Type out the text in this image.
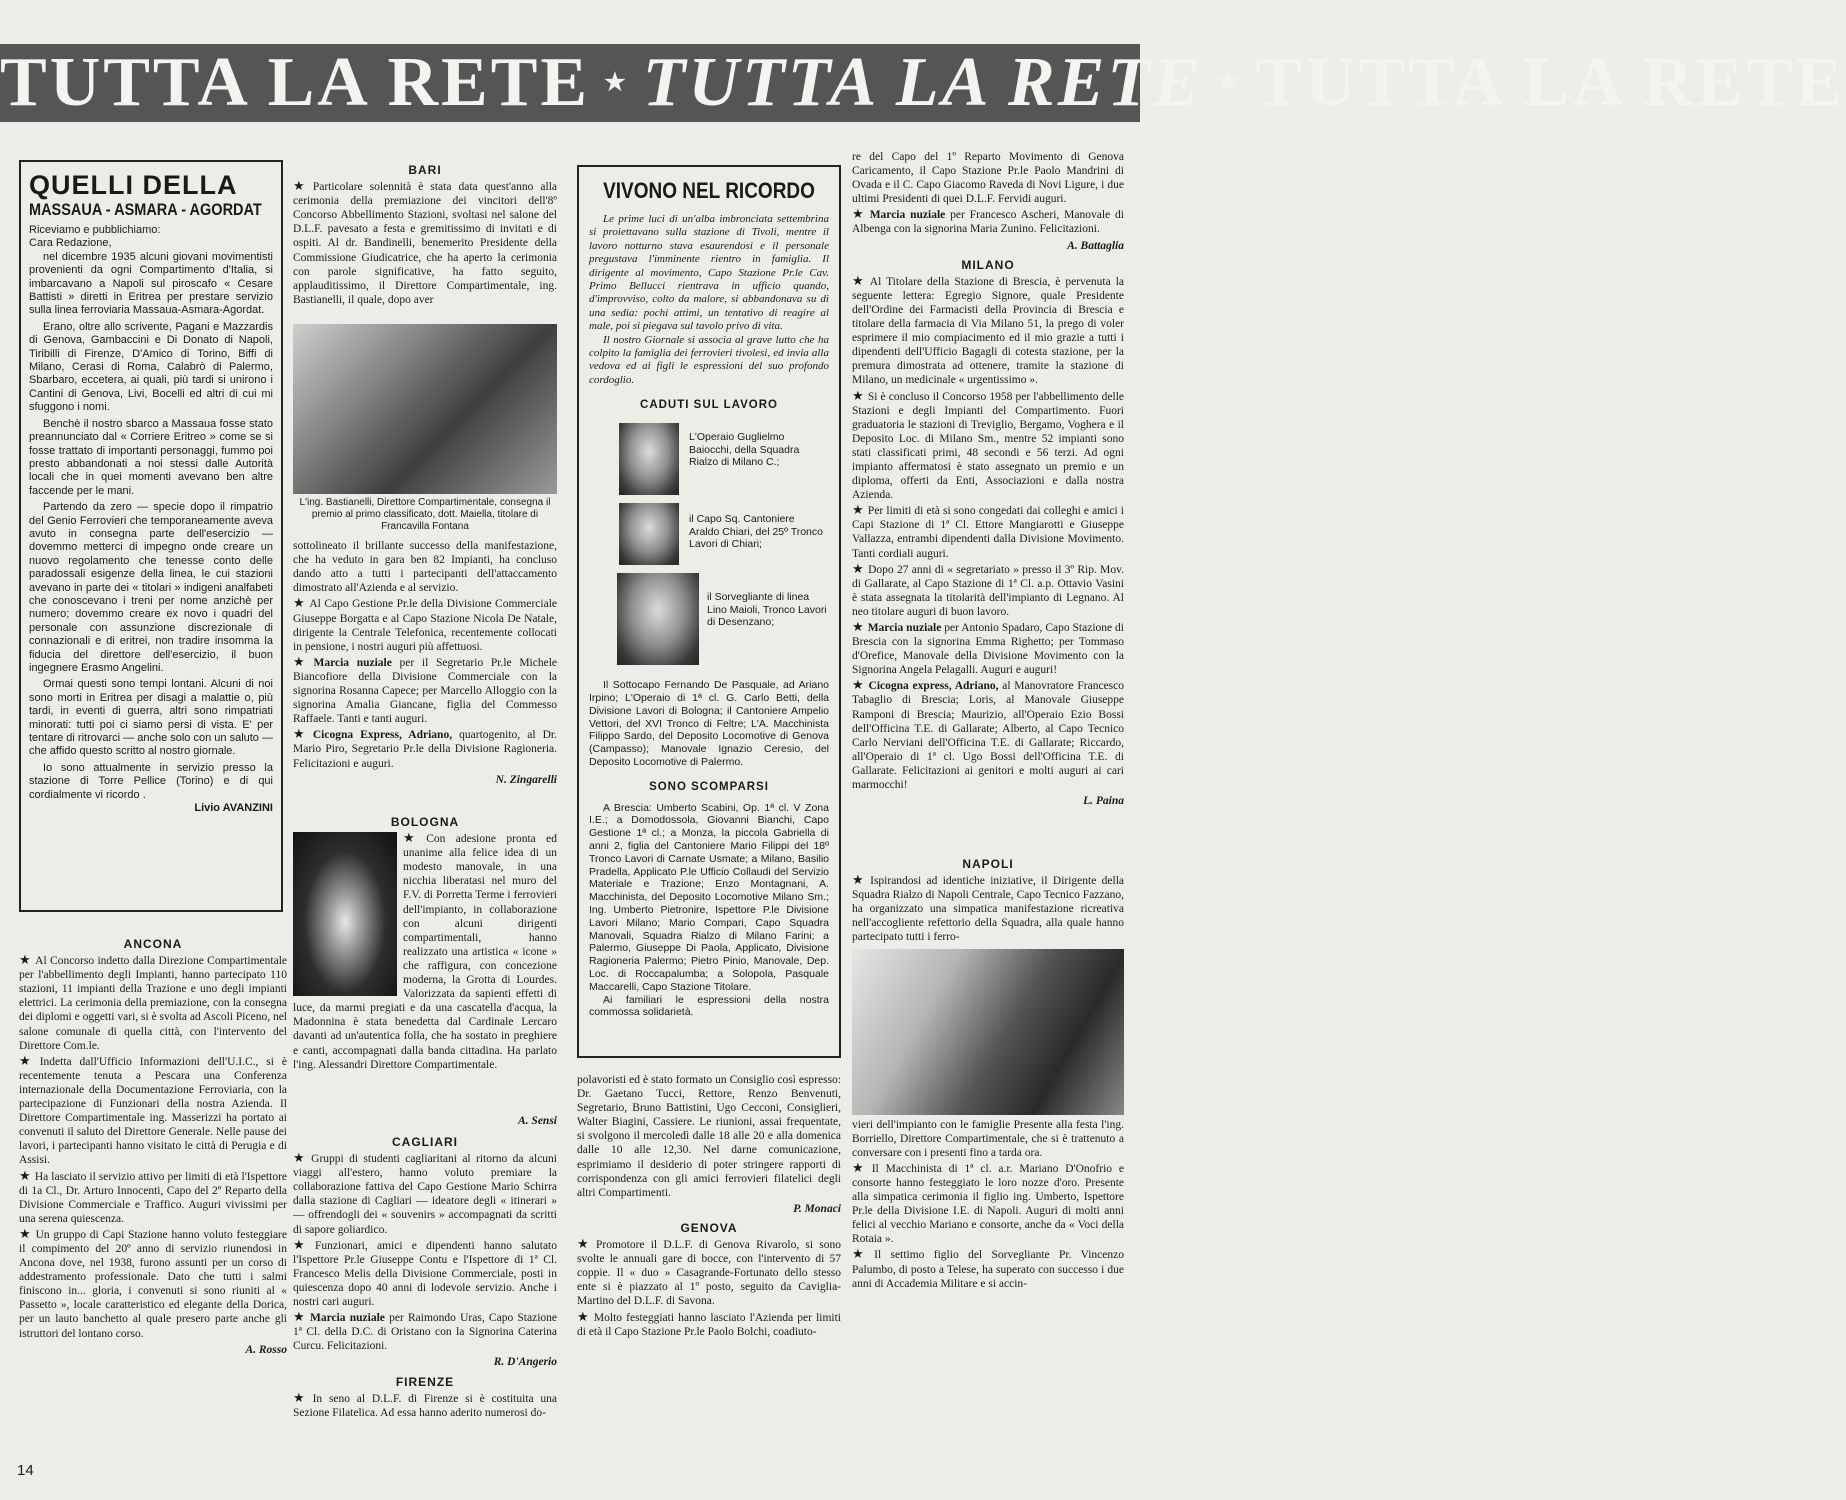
TUTTA LA RETE ★ TUTTA LA RETE ★ TUTTA LA RETE
QUELLI DELLA
MASSAUA - ASMARA - AGORDAT

Riceviamo e pubblichiamo:

Cara Redazione,

nel dicembre 1935 alcuni giovani movimentisti provenienti da ogni Compartimento d'Italia, si imbarcavano a Napoli sul piroscafo « Cesare Battisti » diretti in Eritrea per prestare servizio sulla linea ferroviaria Massaua-Asmara-Agordat.

Erano, oltre allo scrivente, Pagani e Mazzardis di Genova, Gambaccini e Di Donato di Napoli, Tiribilli di Firenze, D'Amico di Torino, Biffi di Milano, Cerasi di Roma, Calabrò di Palermo, Sbarbaro, eccetera, ai quali, più tardi si unirono i Cantini di Genova, Livi, Bocelli ed altri di cui mi sfuggono i nomi.

Benchè il nostro sbarco a Massaua fosse stato preannunciato dal « Corriere Eritreo » come se si fosse trattato di importanti personaggi, fummo poi presto abbandonati a noi stessi dalle Autorità locali che in quei momenti avevano ben altre faccende per le mani.

Partendo da zero — specie dopo il rimpatrio del Genio Ferrovieri che temporaneamente aveva avuto in consegna parte dell'esercizio — dovemmo metterci di impegno onde creare un nuovo regolamento che tenesse conto delle paradossali esigenze della linea, le cui stazioni avevano in parte dei « titolari » indigeni analfabeti che conoscevano i treni per nome anzichè per numero; dovemmo creare ex novo i quadri del personale con assunzione discrezionale di connazionali e di eritrei, non tradire insomma la fiducia del direttore dell'esercizio, il buon ingegnere Erasmo Angelini.

Ormai questi sono tempi lontani. Alcuni di noi sono morti in Eritrea per disagi a malattie o, più tardi, in eventi di guerra, altri sono rimpatriati minorati: tutti poi ci siamo persi di vista. E' per tentare di ritrovarci — anche solo con un saluto — che affido questo scritto al nostro giornale.

Io sono attualmente in servizio presso la stazione di Torre Pellice (Torino) e di qui cordialmente vi ricordo .

Livio AVANZINI

ANCONA

★ Al Concorso indetto dalla Direzione Compartimentale per l'abbellimento degli Impianti, hanno partecipato 110 stazioni, 11 impianti della Trazione e uno degli impianti elettrici. La cerimonia della premiazione, con la consegna dei diplomi e oggetti vari, si è svolta ad Ascoli Piceno, nel salone comunale di quella città, con l'intervento del Direttore Com.le.

★ Indetta dall'Ufficio Informazioni dell'U.I.C., si è recentemente tenuta a Pescara una Conferenza internazionale della Documentazione Ferroviaria, con la partecipazione di Funzionari della nostra Azienda. Il Direttore Compartimentale ing. Masserizzi ha portato ai convenuti il saluto del Direttore Generale. Nelle pause dei lavori, i partecipanti hanno visitato le città di Perugia e di Assisi.

★ Ha lasciato il servizio attivo per limiti di età l'Ispettore di 1a Cl., Dr. Arturo Innocenti, Capo del 2º Reparto della Divisione Commerciale e Traffico. Auguri vivissimi per una serena quiescenza.

★ Un gruppo di Capi Stazione hanno voluto festeggiare il compimento del 20º anno di servizio riunendosi in Ancona dove, nel 1938, furono assunti per un corso di addestramento professionale. Dato che tutti i salmi finiscono in... gloria, i convenuti si sono riuniti al « Passetto », locale caratteristico ed elegante della Dorica, per un lauto banchetto al quale presero parte anche gli istruttori del lontano corso.

A. Rosso

BARI

★ Particolare solennità è stata data quest'anno alla cerimonia della premiazione dei vincitori dell'8º Concorso Abbellimento Stazioni, svoltasi nel salone del D.L.F. pavesato a festa e gremitissimo di invitati e di ospiti. Al dr. Bandinelli, benemerito Presidente della Commissione Giudicatrice, che ha aperto la cerimonia con parole significative, ha fatto seguito, applauditissimo, il Direttore Compartimentale, ing. Bastianelli, il quale, dopo aver

L'ing. Bastianelli, Direttore Compartimentale, consegna il premio al primo classificato, dott. Maiella, titolare di Francavilla Fontana

sottolineato il brillante successo della manifestazione, che ha veduto in gara ben 82 Impianti, ha concluso dando atto a tutti i partecipanti dell'attaccamento dimostrato all'Azienda e al servizio.

★ Al Capo Gestione Pr.le della Divisione Commerciale Giuseppe Borgatta e al Capo Stazione Nicola De Natale, dirigente la Centrale Telefonica, recentemente collocati in pensione, i nostri auguri più affettuosi.

★ Marcia nuziale per il Segretario Pr.le Michele Biancofiore della Divisione Commerciale con la signorina Rosanna Capece; per Marcello Alloggio con la signorina Amalia Giancane, figlia del Commesso Raffaele. Tanti e tanti auguri.

★ Cicogna Express, Adriano, quartogenito, al Dr. Mario Piro, Segretario Pr.le della Divisione Ragioneria. Felicitazioni e auguri.

N. Zingarelli

BOLOGNA

★ Con adesione pronta ed unanime alla felice idea di un modesto manovale, in una nicchia liberatasi nel muro del F.V. di Porretta Terme i ferrovieri dell'impianto, in collaborazione con alcuni dirigenti compartimentali, hanno realizzato una artistica « icone » che raffigura, con concezione moderna, la Grotta di Lourdes. Valorizzata da sapienti effetti di luce, da marmi pregiati e da una cascatella d'acqua, la Madonnina è stata benedetta dal Cardinale Lercaro davanti ad un'autentica folla, che ha sostato in preghiere e canti, accompagnati dalla banda cittadina. Ha parlato l'ing. Alessandri Direttore Compartimentale.

A. Sensi

CAGLIARI

★ Gruppi di studenti cagliaritani al ritorno da alcuni viaggi all'estero, hanno voluto premiare la collaborazione fattiva del Capo Gestione Mario Schirra dalla stazione di Cagliari — ideatore degli « itinerari » — offrendogli dei « souvenirs » accompagnati da scritti di sapore goliardico.

★ Funzionari, amici e dipendenti hanno salutato l'Ispettore Pr.le Giuseppe Contu e l'Ispettore di 1ª Cl. Francesco Melis della Divisione Commerciale, posti in quiescenza dopo 40 anni di lodevole servizio. Anche i nostri cari auguri.

★ Marcia nuziale per Raimondo Uras, Capo Stazione 1ª Cl. della D.C. di Oristano con la Signorina Caterina Curcu. Felicitazioni.

R. D'Angerio

FIRENZE

★ In seno al D.L.F. di Firenze si è costituita una Sezione Filatelica. Ad essa hanno aderito numerosi do-

VIVONO NEL RICORDO

Le prime luci di un'alba imbronciata settembrina si proiettavano sulla stazione di Tivoli, mentre il lavoro notturno stava esaurendosi e il personale pregustava l'imminente rientro in famiglia. Il dirigente al movimento, Capo Stazione Pr.le Cav. Primo Bellucci rientrava in ufficio quando, d'improvviso, colto da malore, si abbandonava su di una sedia: pochi attimi, un tentativo di reagire al male, poi si piegava sul tavolo privo di vita.

Il nostro Giornale si associa al grave lutto che ha colpito la famiglia dei ferrovieri tivolesi, ed invia alla vedova ed ai figli le espressioni del suo profondo cordoglio.

CADUTI SUL LAVORO
L'Operaio Guglielmo Baiocchi, della Squadra Rialzo di Milano C.;
il Capo Sq. Cantoniere Araldo Chiari, del 25º Tronco Lavori di Chiari;
il Sorvegliante di linea Lino Maioli, Tronco Lavori di Desenzano;

Il Sottocapo Fernando De Pasquale, ad Ariano Irpino; L'Operaio di 1ª cl. G. Carlo Betti, della Divisione Lavori di Bologna; il Cantoniere Ampelio Vettori, del XVI Tronco di Feltre; L'A. Macchinista Filippo Sardo, del Deposito Locomotive di Genova (Campasso); Manovale Ignazio Ceresio, del Deposito Locomotive di Palermo.

SONO SCOMPARSI

A Brescia: Umberto Scabini, Op. 1ª cl. V Zona I.E.; a Domodossola, Giovanni Bianchi, Capo Gestione 1ª cl.; a Monza, la piccola Gabriella di anni 2, figlia del Cantoniere Mario Filippi del 18º Tronco Lavori di Carnate Usmate; a Milano, Basilio Pradella, Applicato P.le Ufficio Collaudi del Servizio Materiale e Trazione; Enzo Montagnani, A. Macchinista, del Deposito Locomotive Milano Sm.; Ing. Umberto Pietronire, Ispettore P.le Divisione Lavori Milano; Mario Compari, Capo Squadra Manovali, Squadra Rialzo di Milano Farini; a Palermo, Giuseppe Di Paola, Applicato, Divisione Ragioneria Palermo; Pietro Pinio, Manovale, Dep. Loc. di Roccapalumba; a Solopola, Pasquale Maccarelli, Capo Stazione Titolare.

Ai familiari le espressioni della nostra commossa solidarietà.

polavoristi ed è stato formato un Consiglio così espresso: Dr. Gaetano Tucci, Rettore, Renzo Benvenuti, Segretario, Bruno Battistini, Ugo Cecconi, Consiglieri, Walter Biagini, Cassiere. Le riunioni, assai frequentate, si svolgono il mercoledì dalle 18 alle 20 e alla domenica dalle 10 alle 12,30. Nel darne comunicazione, esprimiamo il desiderio di poter stringere rapporti di corrispondenza con gli amici ferrovieri filatelici degli altri Compartimenti.

P. Monaci

GENOVA

★ Promotore il D.L.F. di Genova Rivarolo, si sono svolte le annuali gare di bocce, con l'intervento di 57 coppie. Il « duo » Casagrande-Fortunato dello stesso ente si è piazzato al 1º posto, seguito da Caviglia-Martino del D.L.F. di Savona.

★ Molto festeggiati hanno lasciato l'Azienda per limiti di età il Capo Stazione Pr.le Paolo Bolchi, coadiuto-

re del Capo del 1º Reparto Movimento di Genova Caricamento, il Capo Stazione Pr.le Paolo Mandrini di Ovada e il C. Capo Giacomo Raveda di Novi Ligure, i due ultimi Presidenti di quei D.L.F. Fervidi auguri.

★ Marcia nuziale per Francesco Ascheri, Manovale di Albenga con la signorina Maria Zunino. Felicitazioni.

A. Battaglia

MILANO

★ Al Titolare della Stazione di Brescia, è pervenuta la seguente lettera: Egregio Signore, quale Presidente dell'Ordine dei Farmacisti della Provincia di Brescia e titolare della farmacia di Via Milano 51, la prego di voler esprimere il mio compiacimento ed il mio grazie a tutti i dipendenti dell'Ufficio Bagagli di cotesta stazione, per la premura dimostrata ad ottenere, tramite la stazione di Milano, un medicinale « urgentissimo ».

★ Si è concluso il Concorso 1958 per l'abbellimento delle Stazioni e degli Impianti del Compartimento. Fuori graduatoria le stazioni di Treviglio, Bergamo, Voghera e il Deposito Loc. di Milano Sm., mentre 52 impianti sono stati classificati primi, 48 secondi e 56 terzi. Ad ogni impianto affermatosi è stato assegnato un premio e un diploma, offerti da Enti, Associazioni e dalla nostra Azienda.

★ Per limiti di età si sono congedati dai colleghi e amici i Capi Stazione di 1ª Cl. Ettore Mangiarotti e Giuseppe Vallazza, entrambi dipendenti dalla Divisione Movimento. Tanti cordiali auguri.

★ Dopo 27 anni di « segretariato » presso il 3º Rip. Mov. di Gallarate, al Capo Stazione di 1ª Cl. a.p. Ottavio Vasini è stata assegnata la titolarità dell'impianto di Legnano. Al neo titolare auguri di buon lavoro.

★ Marcia nuziale per Antonio Spadaro, Capo Stazione di Brescia con la signorina Emma Righetto; per Tommaso d'Orefice, Manovale della Divisione Movimento con la Signorina Angela Pelagalli. Auguri e auguri!

★ Cicogna express, Adriano, al Manovratore Francesco Tabaglio di Brescia; Loris, al Manovale Giuseppe Ramponi di Brescia; Maurizio, all'Operaio Ezio Bossi dell'Officina T.E. di Gallarate; Alberto, al Capo Tecnico Carlo Nerviani dell'Officina T.E. di Gallarate; Riccardo, all'Operaio di 1ª cl. Ugo Bossi dell'Officina T.E. di Gallarate. Felicitazioni ai genitori e molti auguri ai cari marmocchi!

L. Paina

NAPOLI

★ Ispirandosi ad identiche iniziative, il Dirigente della Squadra Rialzo di Napoli Centrale, Capo Tecnico Fazzano, ha organizzato una simpatica manifestazione ricreativa nell'accogliente refettorio della Squadra, alla quale hanno partecipato tutti i ferro-

vieri dell'impianto con le famiglie Presente alla festa l'ing. Borriello, Direttore Compartimentale, che si è trattenuto a conversare con i presenti fino a tarda ora.

★ Il Macchinista di 1ª cl. a.r. Mariano D'Onofrio e consorte hanno festeggiato le loro nozze d'oro. Presente alla simpatica cerimonia il figlio ing. Umberto, Ispettore Pr.le della Divisione I.E. di Napoli. Auguri di molti anni felici al vecchio Mariano e consorte, anche da « Voci della Rotaia ».

★ Il settimo figlio del Sorvegliante Pr. Vincenzo Palumbo, di posto a Telese, ha superato con successo i due anni di Accademia Militare e si accin-

14
